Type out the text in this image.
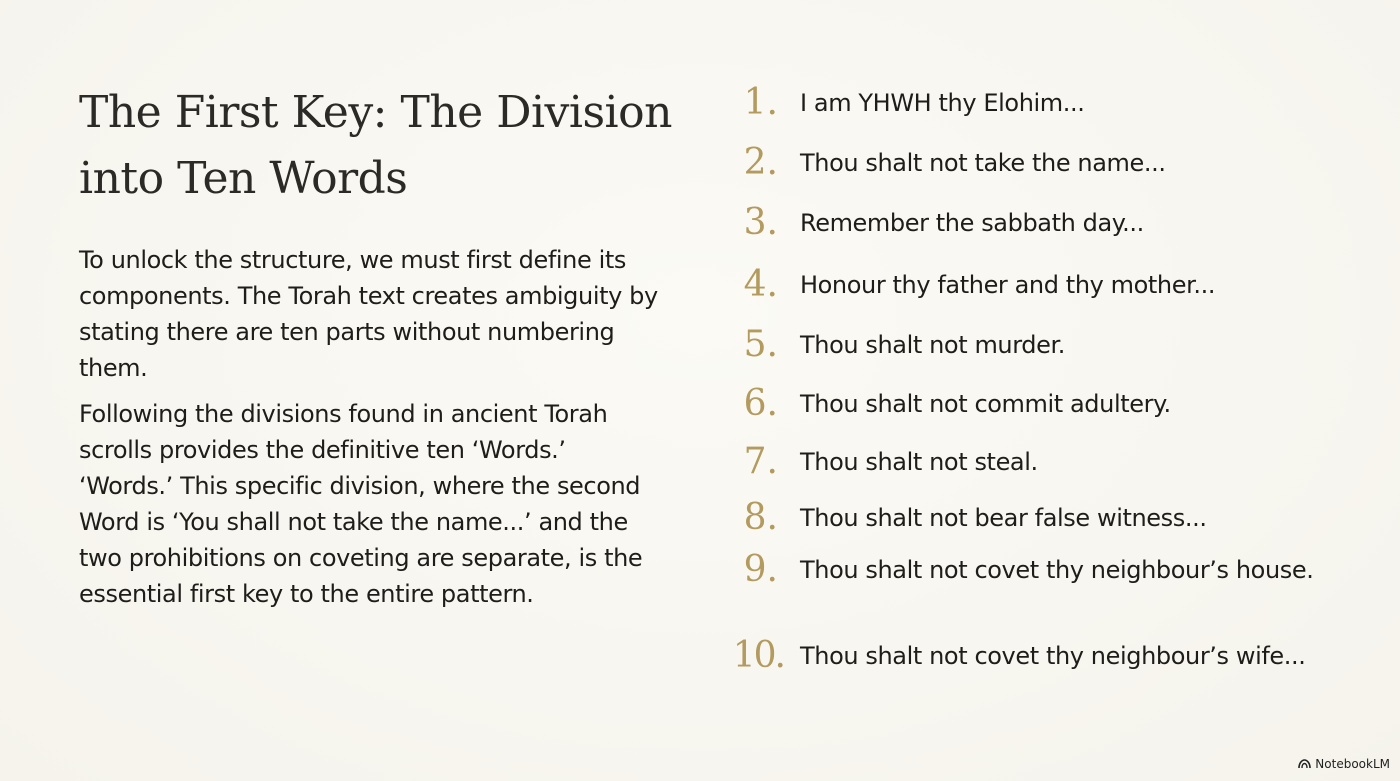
The First Key: The Division into Ten Words

To unlock the structure, we must first define its components. The Torah text creates ambiguity by stating there are ten parts without numbering them.

Following the divisions found in ancient Torah scrolls provides the definitive ten ‘Words.’

‘Words.’ This specific division, where the second Word is ‘You shall not take the name...’ and the two prohibitions on coveting are separate, is the essential first key to the entire pattern.

1. I am YHWH thy Elohim...
2. Thou shalt not take the name...
3. Remember the sabbath day...
4. Honour thy father and thy mother...
5. Thou shalt not murder.
6. Thou shalt not commit adultery.
7. Thou shalt not steal.
8. Thou shalt not bear false witness...
9. Thou shalt not covet thy neighbour’s house.
10. Thou shalt not covet thy neighbour’s wife...
NotebookLM
